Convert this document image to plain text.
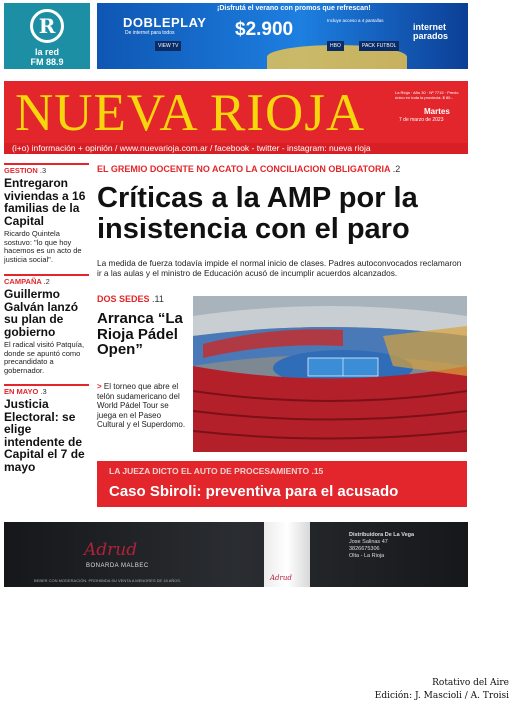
R
la red
FM 88.9
¡Disfrutá el verano con promos que refrescan!
DOBLEPLAY
De internet para todos	$2.900	Incluye acceso a 4 pantallas
internet
parados
HBO	PACK FUTBOL
VIEW TV
NUEVA RIOJA	La Rioja · Año 30 · Nº 7715 · Precio único en toda la provincia: $ 80.-
Martes
7 de marzo de 2023
(i+o) información + opinión / www.nuevarioja.com.ar / facebook - twitter - instagram: nueva rioja
GESTION .3
Entregaron viviendas a 16 familias de la Capital
Ricardo Quintela sostuvo: "lo que hoy hacemos es un acto de justicia social".
CAMPAÑA .2
Guillermo Galván lanzó su plan de gobierno
El radical visitó Patquía, donde se apuntó como precandidato a gobernador.
EN MAYO .3
Justicia Electoral: se elige intendente de Capital el 7 de mayo
EL GREMIO DOCENTE NO ACATO LA CONCILIACION OBLIGATORIA .2
Críticas a la AMP por la insistencia con el paro
La medida de fuerza todavía impide el normal inicio de clases. Padres autoconvocados reclamaron ir a las aulas y el ministro de Educación acusó de incumplir acuerdos alcanzados.
DOS SEDES .11
Arranca “La Rioja Pádel Open”
> El torneo que abre el telón sudamericano del World Pádel Tour se juega en el Paseo Cultural y el Superdomo.
LA JUEZA DICTO EL AUTO DE PROCESAMIENTO .15
Caso Sbiroli: preventiva para el acusado
Adrud
BONARDA MALBEC
BEBER CON MODERACIÓN. PROHIBIDA SU VENTA A MENORES DE 18 AÑOS.	Adrud
Distribuidora De La Vega
Jose Salinas 47
3826675306
Olta - La Rioja
Rotativo del Aire
Edición: J. Mascioli / A. Troisi
